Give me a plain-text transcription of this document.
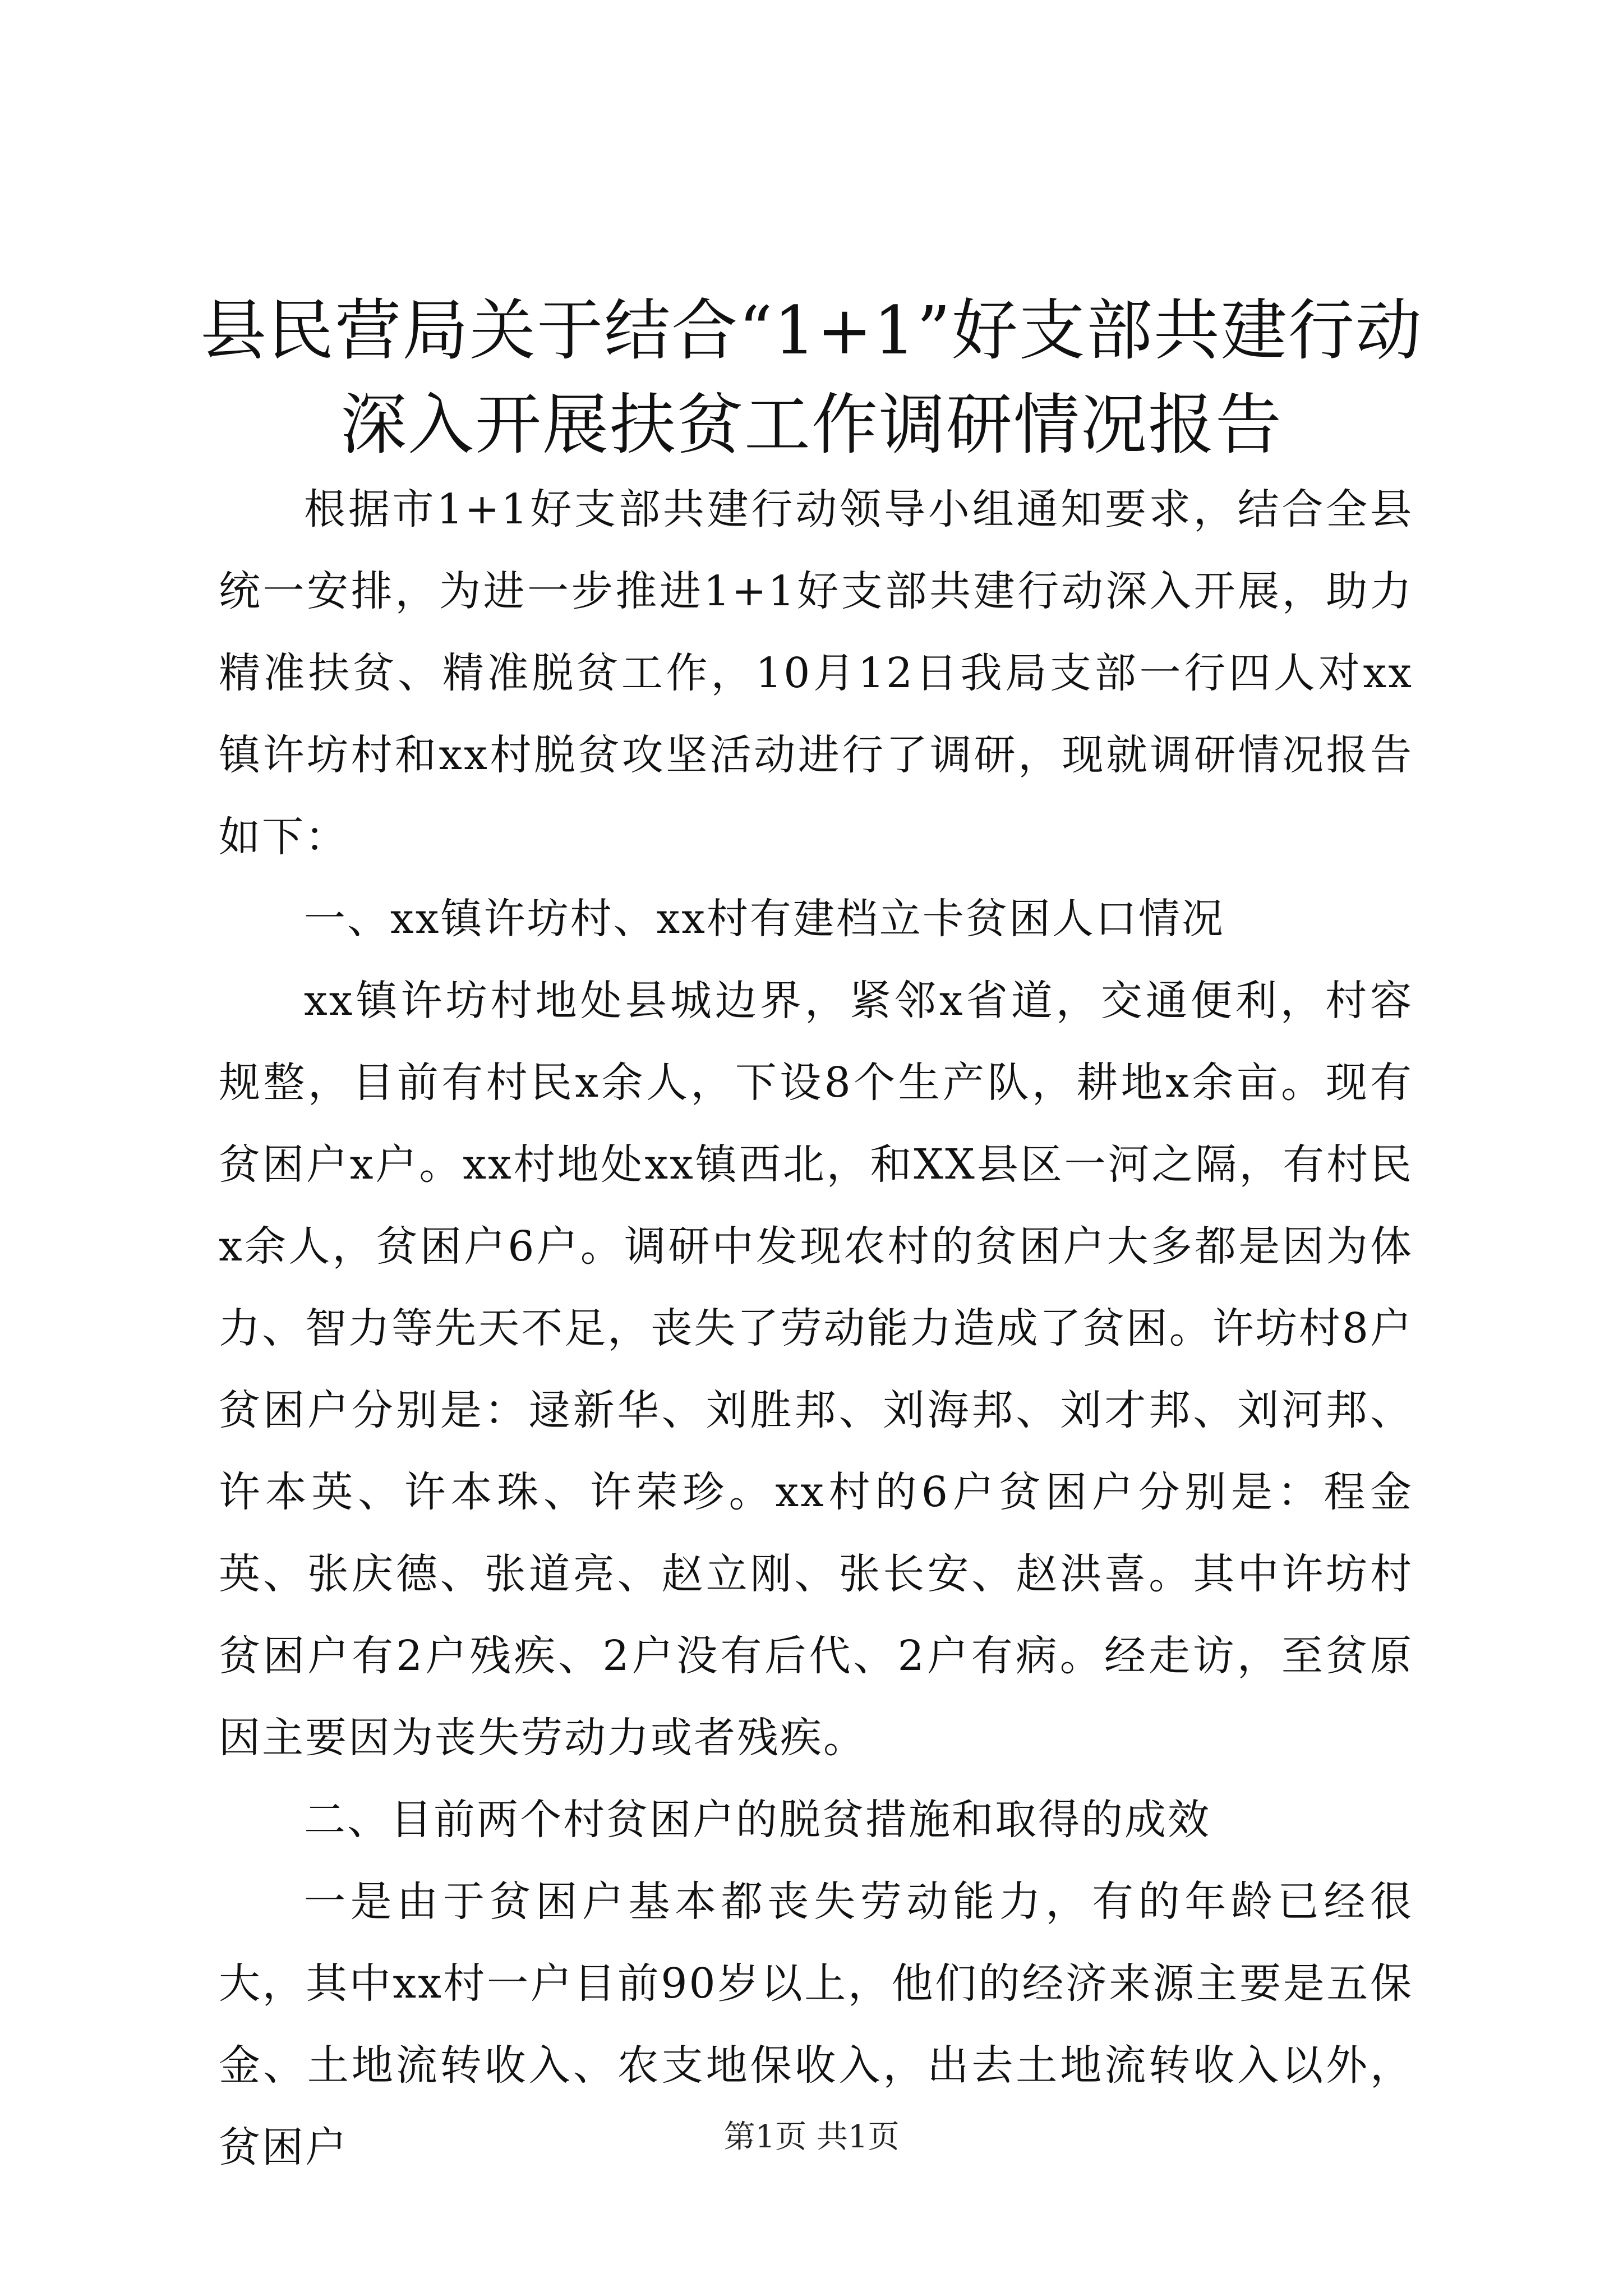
县民营局关于结合“1+1”好支部共建行动深入开展扶贫工作调研情况报告

根据市1+1好支部共建行动领导小组通知要求，结合全县统一安排，为进一步推进1+1好支部共建行动深入开展，助力精准扶贫、精准脱贫工作，10月12日我局支部一行四人对xx镇许坊村和xx村脱贫攻坚活动进行了调研，现就调研情况报告如下：

一、xx镇许坊村、xx村有建档立卡贫困人口情况

xx镇许坊村地处县城边界，紧邻x省道，交通便利，村容规整，目前有村民x余人，下设8个生产队，耕地x余亩。现有贫困户x户。xx村地处xx镇西北，和XX县区一河之隔，有村民x余人，贫困户6户。调研中发现农村的贫困户大多都是因为体力、智力等先天不足，丧失了劳动能力造成了贫困。许坊村8户贫困户分别是：逯新华、刘胜邦、刘海邦、刘才邦、刘河邦、许本英、许本珠、许荣珍。xx村的6户贫困户分别是：程金英、张庆德、张道亮、赵立刚、张长安、赵洪喜。其中许坊村贫困户有2户残疾、2户没有后代、2户有病。经走访，至贫原因主要因为丧失劳动力或者残疾。

二、目前两个村贫困户的脱贫措施和取得的成效

一是由于贫困户基本都丧失劳动能力，有的年龄已经很大，其中xx村一户目前90岁以上，他们的经济来源主要是五保金、土地流转收入、农支地保收入，出去土地流转收入以外，贫困户	第1页 共1页
